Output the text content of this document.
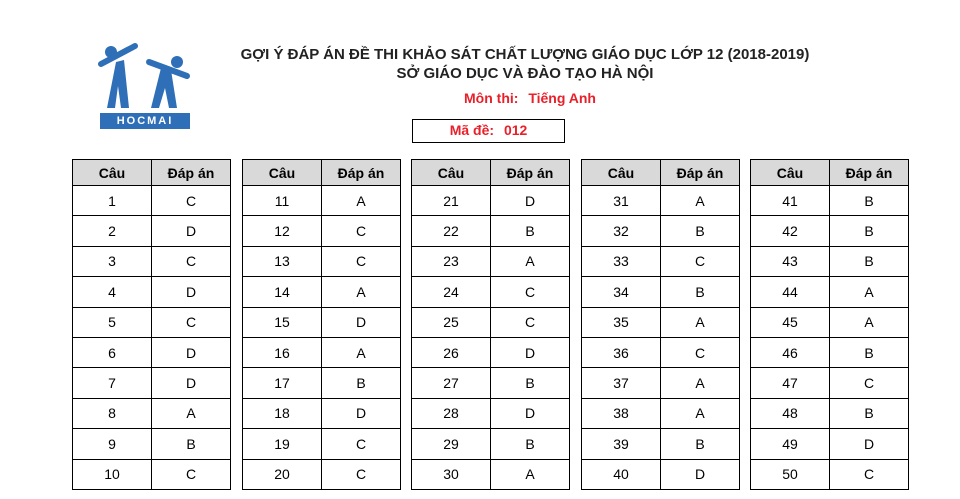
HOCMAI
GỢI Ý ĐÁP ÁN ĐỀ THI KHẢO SÁT CHẤT LƯỢNG GIÁO DỤC LỚP 12 (2018-2019)
SỞ GIÁO DỤC VÀ ĐÀO TẠO HÀ NỘI
Môn thi: Tiếng Anh
Mã đề: 012
Câu	Đáp án
1	C
2	D
3	C
4	D
5	C
6	D
7	D
8	A
9	B
10	C
Câu	Đáp án
11	A
12	C
13	C
14	A
15	D
16	A
17	B
18	D
19	C
20	C
Câu	Đáp án
21	D
22	B
23	A
24	C
25	C
26	D
27	B
28	D
29	B
30	A
Câu	Đáp án
31	A
32	B
33	C
34	B
35	A
36	C
37	A
38	A
39	B
40	D
Câu	Đáp án
41	B
42	B
43	B
44	A
45	A
46	B
47	C
48	B
49	D
50	C
